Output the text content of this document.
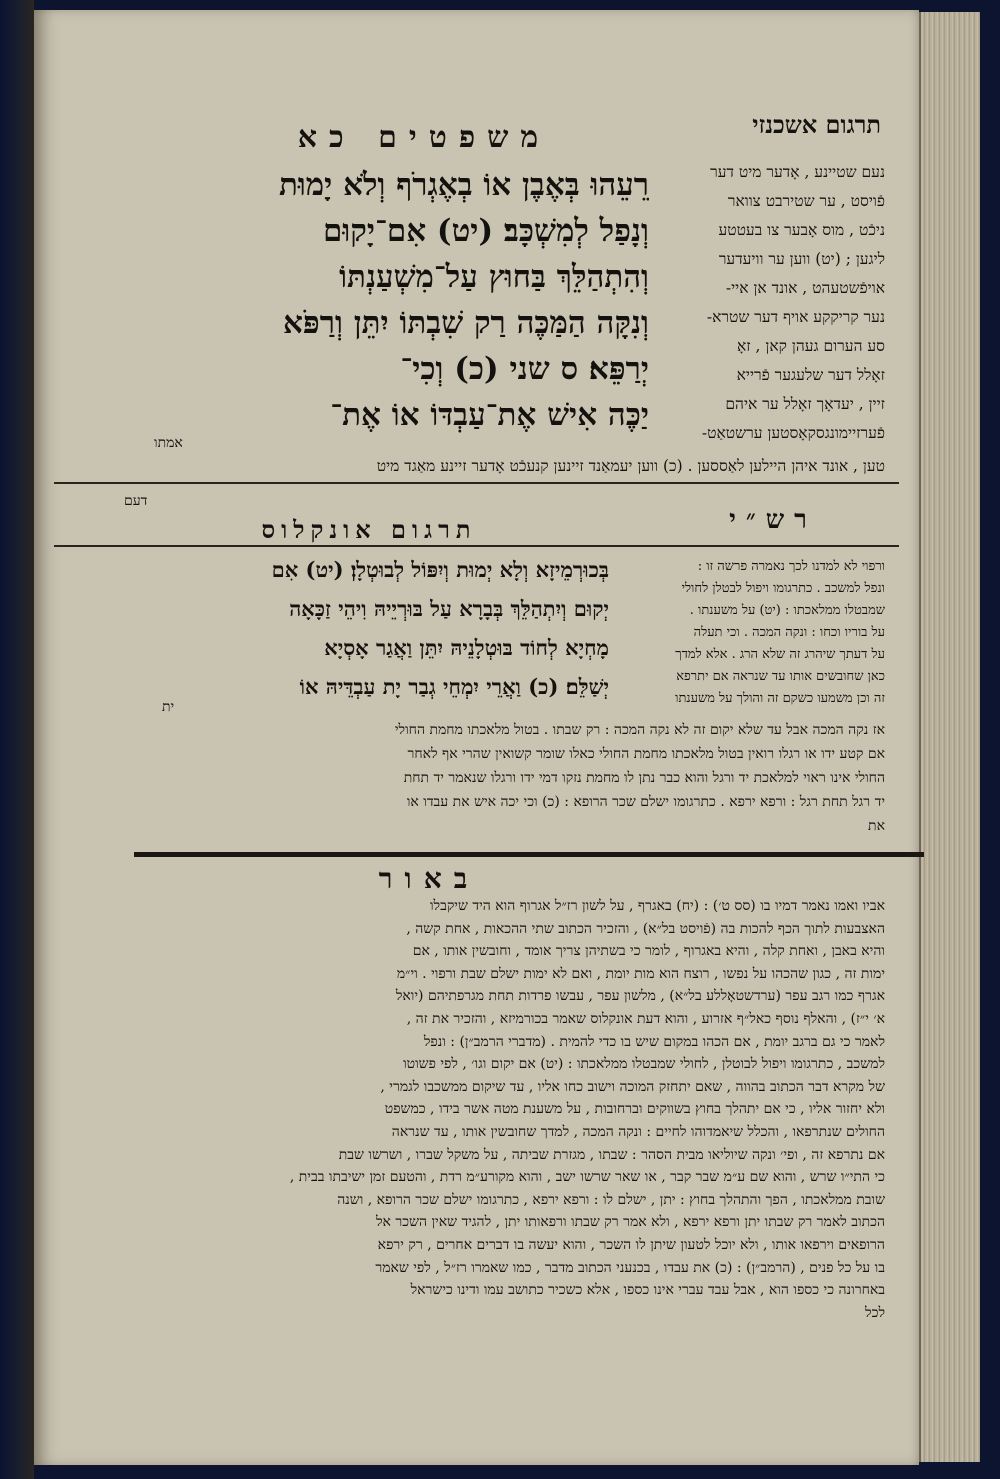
תרגום אשכנזי
משפטים כא

רֵעֵהוּ בְּאֶבֶן אוֹ בְאֶגְרֹף וְלֹא יָמוּת

וְנָפַל לְמִשְׁכָּב׃ (יט) אִם־יָקוּם

וְהִתְהַלֵּךְ בַּחוּץ עַל־מִשְׁעַנְתּוֹ

וְנִקָּה הַמַּכֶּה רַק שִׁבְתּוֹ יִתֵּן וְרַפֹּא

יְרַפֵּא׃ ס שני (כ) וְכִי־

יַכֶּה אִישׁ אֶת־עַבְדּוֹ אוֹ אֶת־

נעם שטיינע , אָדער מיט דער

פֿויסט , ער שטירבט צוואר

ניכֿט , מוס אָבער צו בעטטע

ליגען ; (יט) ווען ער וויעדער

אויפֿשטעהט , אונד אן איי-

נער קריקקע אויף דער שטרא-

סע הערום געהן קאן , זאָ

זאָלל דער שלעגער פֿרייא

זיין , יעדאָך זאָלל ער איהם

פֿערזיימונגסקאָסטען ערשטאַט-

אמתו
טען , אונד איהן היילען לאַססען . (כ) ווען יעמאַנד זיינען קנעכֿט אָדער זיינע מאַגד מיט
דעם
רש״י
תרגום אונקלוס

בְּכוּרְמֵיזָא וְלָא יְמוּת וְיִפּוֹל לְבוּטְלָן׃ (יט) אִם

יְקוּם וְיִתְהַלֵּךְ בְּבָרָא עַל בּוּרְיֵיהּ וִיהֵי זַכָּאָה

מָחְיָא לְחוֹד בּוּטְלָנֵיהּ יִתֵּן וַאֲגַר אָסְיָא

יְשַׁלֵּם׃ (כ) וַאֲרֵי יִמְחֵי גְבַר יָת עַבְדֵּיהּ אוֹ

ית

ורפוי לא למדנו לכך נאמרה פרשה זו :

ונפל למשכב . כתרגומו ויפול לבטלן לחולי

שמבטלו ממלאכתו : (יט) על משענתו .

על בוריו וכחו : ונקה המכה . וכי תעלה

על דעתך שיהרג זה שלא הרג . אלא למדך

כאן שחובשים אותו עד שנראה אם יתרפא

זה וכן משמעו כשקם זה והולך על משענתו

אז נקה המכה אבל עד שלא יקום זה לא נקה המכה : רק שבתו . בטול מלאכתו מחמת החולי

אם קטע ידו או רגלו רואין בטול מלאכתו מחמת החולי כאלו שומר קשואין שהרי אף לאחר

החולי אינו ראוי למלאכת יד ורגל והוא כבר נתן לו מחמת נזקו דמי ידו ורגלו שנאמר יד תחת

יד רגל תחת רגל : ורפא ירפא . כתרגומו ישלם שכר הרופא : (כ) וכי יכה איש את עבדו או

את

באור

אביו ואמו נאמר דמיו בו (סס ט׳) : (יח) באגרף , על לשון רז״ל אגרוף הוא היד שיקבלו

האצבעות לתוך הכף להכות בה (פֿויסט בל״א) , והזכיר הכתוב שתי ההכאות , אחת קשה ,

והיא באבן , ואחת קלה , והיא באגרוף , לומר כי בשתיהן צריך אומד , וחובשין אותו , אם

ימות זה , כגון שהכהו על נפשו , רוצח הוא מות יומת , ואם לא ימות ישלם שבת ורפוי . וי״מ

אגרף כמו רגב עפר (ערדשטאָללע בל״א) , מלשון עפר , עבשו פרדות תחת מגרפתיהם (יואל

א׳ י״ז) , והאלף נוסף כאל״ף אזרוע , והוא דעת אונקלוס שאמר בכורמיזא , והזכיר את זה ,

לאמר כי גם ברגב יומת , אם הכהו במקום שיש בו כדי להמית . (מדברי הרמב״ן) : ונפל

למשכב , כתרגומו ויפול לבוטלן , לחולי שמבטלו ממלאכתו : (יט) אם יקום וגו׳ , לפי פשוטו

של מקרא דבר הכתוב בהווה , שאם יתחזק המוכה וישוב כחו אליו , עד שיקום ממשכבו לגמרי ,

ולא יחזור אליו , כי אם יתהלך בחוץ בשווקים וברחובות , על משענת מטה אשר בידו , כמשפט

החולים שנתרפאו , והכלל שיאמדוהו לחיים : ונקה המכה , למדך שחובשין אותו , עד שנראה

אם נתרפא זה , ופי׳ ונקה שיוליאו מבית הסהר : שבתו , מגזרת שביתה , על משקל שברו , ושרשו שבת

כי התי״ו שרש , והוא שם ע״מ שבר קבר , או שאר שרשו ישב , והוא מקורע״מ רדת , והטעם זמן ישיבתו בבית ,

שובת ממלאכתו , הפך והתהלך בחוץ : יתן , ישלם לו : ורפא ירפא , כתרגומו ישלם שכר הרופא , ושנה

הכתוב לאמר רק שבתו יתן ורפא ירפא , ולא אמר רק שבתו ורפאותו יתן , להגיד שאין השכר אל

הרופאים וירפאו אותו , ולא יוכל לטעון שיתן לו השכר , והוא יעשה בו דברים אחרים , רק ירפא

בו על כל פנים , (הרמב״ן) : (כ) את עבדו , בכנעני הכתוב מדבר , כמו שאמרו רז״ל , לפי שאמר

באחרונה כי כספו הוא , אבל עבד עברי אינו כספו , אלא כשכיר כתושב עמו ודינו כישראל

לכל
